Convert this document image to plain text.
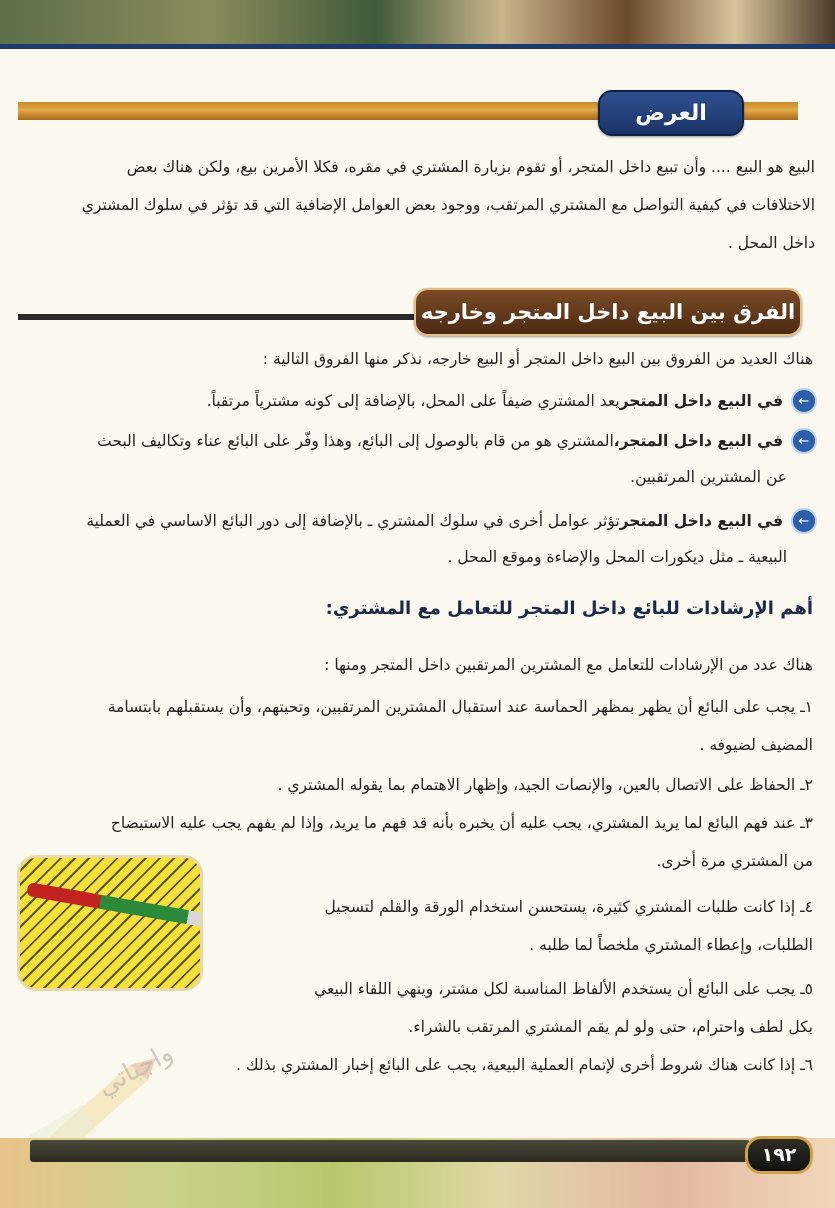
العرض
البيع هو البيع .... وأن تبيع داخل المتجر، أو تقوم بزيارة المشتري في مقره، فكلا الأمرين بيع، ولكن هناك بعض
الاختلافات في كيفية التواصل مع المشتري المرتقب، ووجود بعض العوامل الإضافية التي قد تؤثر في سلوك المشتري
داخل المحل .
الفرق بين البيع داخل المتجر وخارجه
هناك العديد من الفروق بين البيع داخل المتجر أو البيع خارجه، نذكر منها الفروق التالية :
←
في البيع داخل المتجر
يعد المشتري ضيفاً على المحل، بالإضافة إلى كونه مشترياً مرتقباً.
←
في البيع داخل المتجر،
المشتري هو من قام بالوصول إلى البائع، وهذا وفّر على البائع عناء وتكاليف البحث
عن المشترين المرتقبين.
←
في البيع داخل المتجر
تؤثر عوامل أخرى في سلوك المشتري ـ بالإضافة إلى دور البائع الاساسي في العملية
البيعية ـ مثل ديكورات المحل والإضاءة وموقع المحل .
أهم الإرشادات للبائع داخل المتجر للتعامل مع المشتري:
هناك عدد من الإرشادات للتعامل مع المشترين المرتقبين داخل المتجر ومنها :
١ـ يجب على البائع أن يظهر بمظهر الحماسة عند استقبال المشترين المرتقبين، وتحيتهم، وأن يستقبلهم بابتسامة
المضيف لضيوفه .
٢ـ الحفاظ على الاتصال بالعين، والإنصات الجيد، وإظهار الاهتمام بما يقوله المشتري .
٣ـ عند فهم البائع لما يريد المشتري، يجب عليه أن يخبره بأنه قد فهم ما يريد، وإذا لم يفهم يجب عليه الاستيضاح
من المشتري مرة أخرى.
٤ـ إذا كانت طلبات المشتري كثيرة، يستحسن استخدام الورقة والقلم لتسجيل
الطلبات، وإعطاء المشتري ملخصاً لما طلبه .
٥ـ يجب على البائع أن يستخدم الألفاظ المناسبة لكل مشتر، وينهي اللقاء البيعي
بكل لطف واحترام، حتى ولو لم يقم المشتري المرتقب بالشراء.
٦ـ إذا كانت هناك شروط أخرى لإتمام العملية البيعية، يجب على البائع إخبار المشتري بذلك .
واجباتي
١٩٢
